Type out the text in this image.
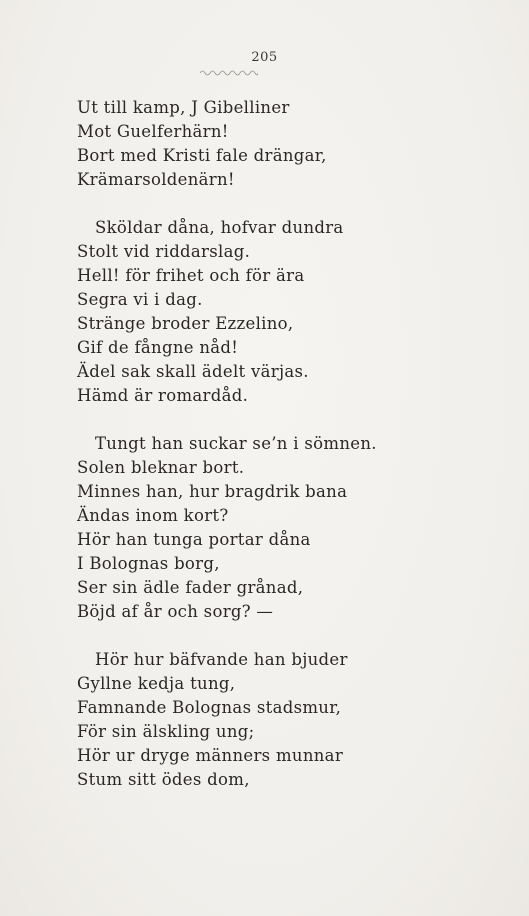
205
Ut till kamp, J Gibelliner
Mot Guelferhärn!
Bort med Kristi fale drängar,
Krämarsoldenärn!
Sköldar dåna, hofvar dundra
Stolt vid riddarslag.
Hell! för frihet och för ära
Segra vi i dag.
Stränge broder Ezzelino,
Gif de fångne nåd!
Ädel sak skall ädelt värjas.
Hämd är romardåd.
Tungt han suckar se’n i sömnen.
Solen bleknar bort.
Minnes han, hur bragdrik bana
Ändas inom kort?
Hör han tunga portar dåna
I Bolognas borg,
Ser sin ädle fader grånad,
Böjd af år och sorg? —
Hör hur bäfvande han bjuder
Gyllne kedja tung,
Famnande Bolognas stadsmur,
För sin älskling ung;
Hör ur dryge männers munnar
Stum sitt ödes dom,
